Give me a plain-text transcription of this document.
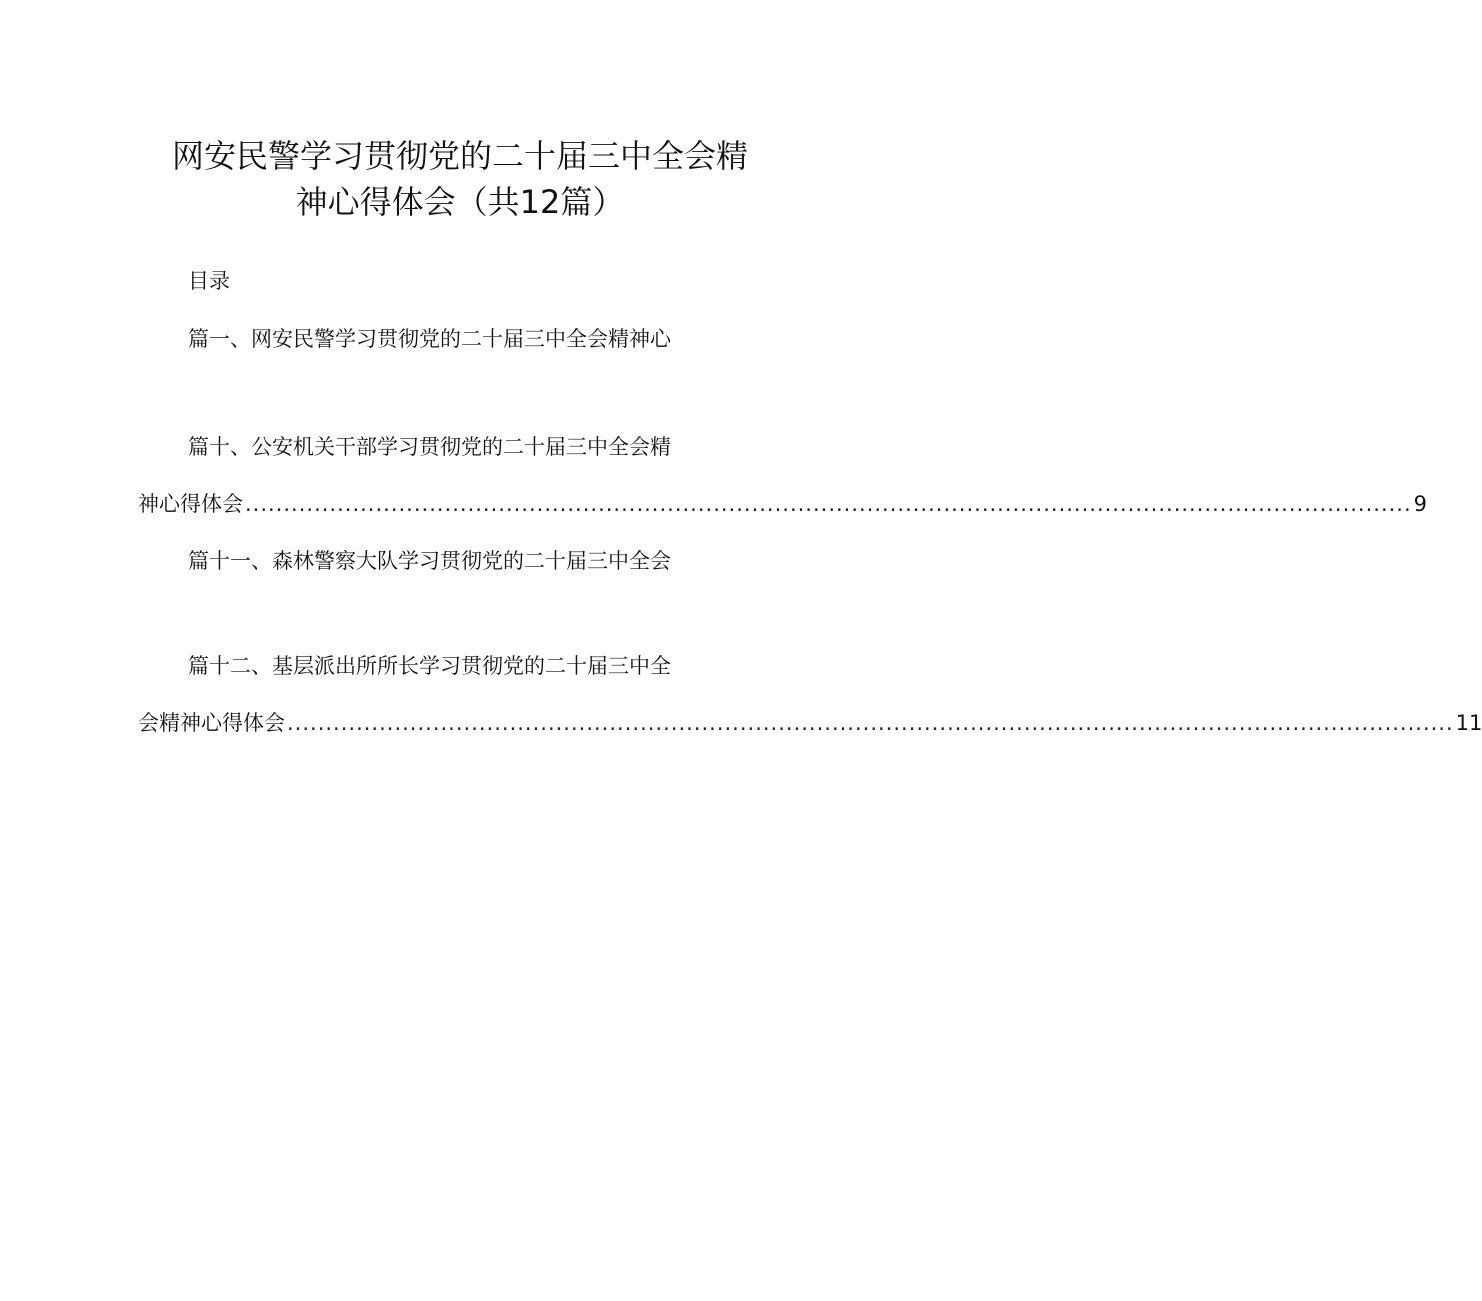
网安民警学习贯彻党的二十届三中全会精
神心得体会（共12篇）
目录
篇一、网安民警学习贯彻党的二十届三中全会精神心
篇十、公安机关干部学习贯彻党的二十届三中全会精
神心得体会 ........................................................................................................................................................ 9
篇十一、森林警察大队学习贯彻党的二十届三中全会
篇十二、基层派出所所长学习贯彻党的二十届三中全
会精神心得体会 ........................................................................................................................................................ 11
